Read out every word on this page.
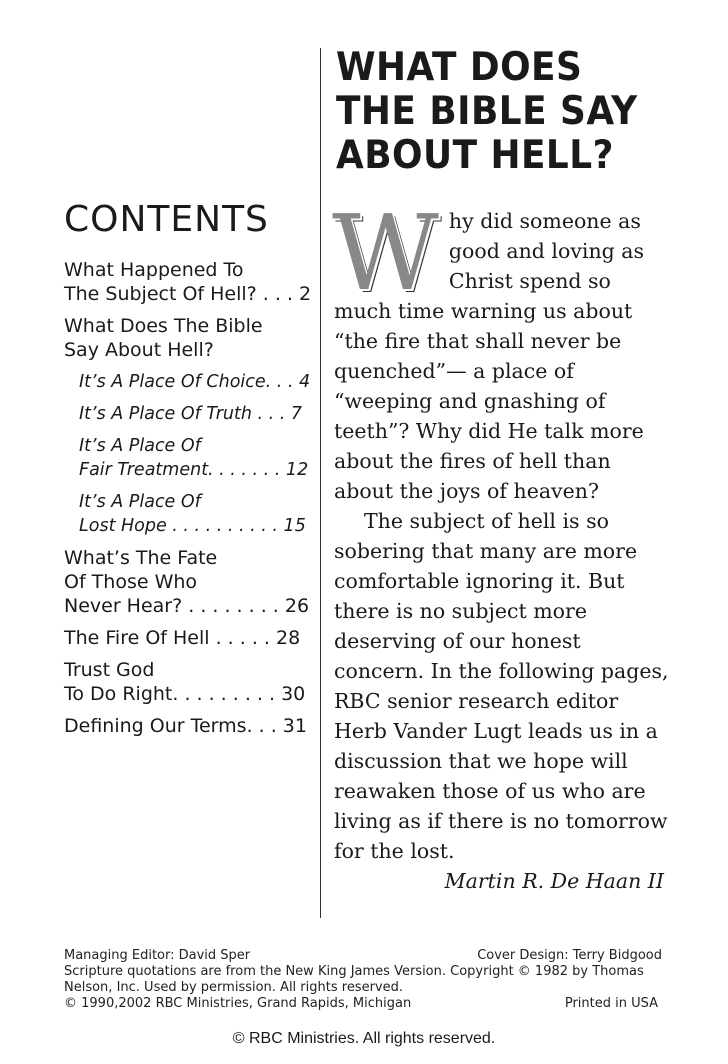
CONTENTS
What Happened To
The Subject Of Hell? . . . 2
What Does The Bible
Say About Hell?
It’s A Place Of Choice. . . 4
It’s A Place Of Truth . . . 7
It’s A Place Of
Fair Treatment. . . . . . . 12
It’s A Place Of
Lost Hope . . . . . . . . . . 15
What’s The Fate
Of Those Who
Never Hear? . . . . . . . . 26
The Fire Of Hell . . . . . 28
Trust God
To Do Right. . . . . . . . . 30
Defining Our Terms. . . 31
WHAT DOES
THE BIBLE SAY
ABOUT HELL?
W hy did someone as good and loving as Christ spend so much time warning us about “the fire that shall never be quenched”— a place of “weeping and gnashing of teeth”? Why did He talk more about the fires of hell than about the joys of heaven?

The subject of hell is so sobering that many are more comfortable ignoring it. But there is no subject more deserving of our honest concern. In the following pages, RBC senior research editor Herb Vander Lugt leads us in a discussion that we hope will reawaken those of us who are living as if there is no tomorrow for the lost.

Martin R. De Haan II

Managing Editor: David Sper	Cover Design: Terry Bidgood
Scripture quotations are from the New King James Version. Copyright © 1982 by Thomas Nelson, Inc. Used by permission. All rights reserved.
© 1990,2002 RBC Ministries, Grand Rapids, Michigan	Printed in USA
© RBC Ministries. All rights reserved.
